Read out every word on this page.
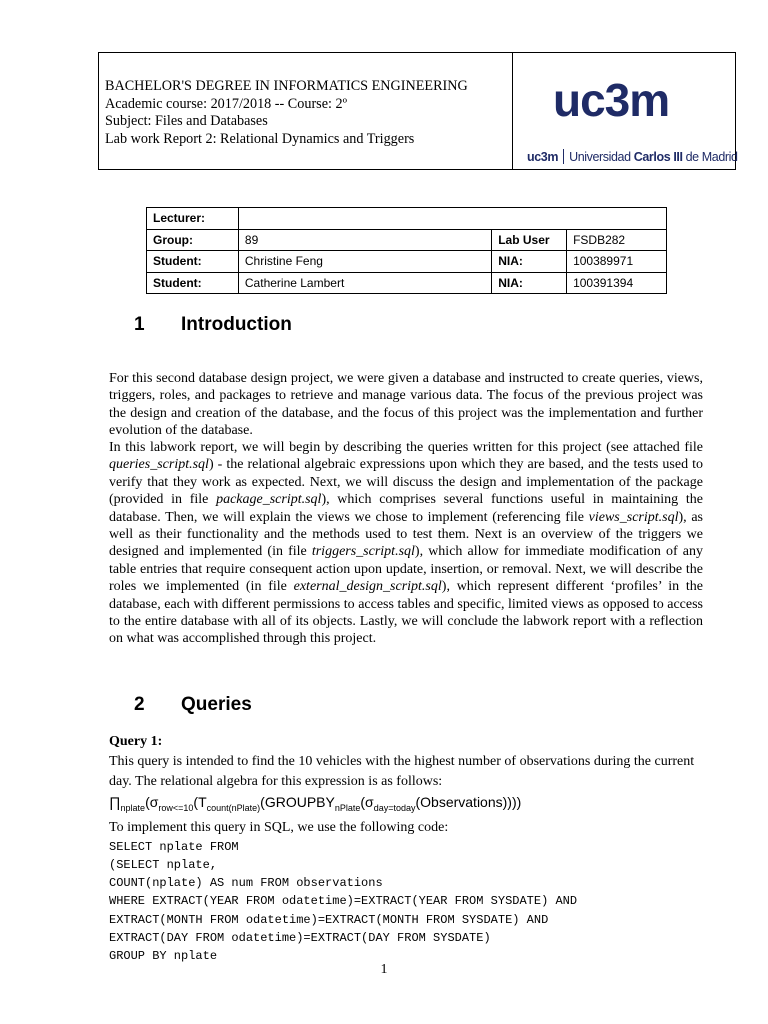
BACHELOR'S DEGREE IN INFORMATICS ENGINEERING
Academic course: 2017/2018 -- Course: 2º
Subject: Files and Databases
Lab work Report 2: Relational Dynamics and Triggers
uc3m
uc3m Universidad Carlos III de Madrid
Lecturer:			
Group:	89	Lab User	FSDB282
Student:	Christine Feng	NIA:	100389971
Student:	Catherine Lambert	NIA:	100391394
1 Introduction
For this second database design project, we were given a database and instructed to create queries, views, triggers, roles, and packages to retrieve and manage various data. The focus of the previous project was the design and creation of the database, and the focus of this project was the implementation and further evolution of the database.
In this labwork report, we will begin by describing the queries written for this project (see attached file queries_script.sql) - the relational algebraic expressions upon which they are based, and the tests used to verify that they work as expected. Next, we will discuss the design and implementation of the package (provided in file package_script.sql), which comprises several functions useful in maintaining the database. Then, we will explain the views we chose to implement (referencing file views_script.sql), as well as their functionality and the methods used to test them. Next is an overview of the triggers we designed and implemented (in file triggers_script.sql), which allow for immediate modification of any table entries that require consequent action upon update, insertion, or removal. Next, we will describe the roles we implemented (in file external_design_script.sql), which represent different ‘profiles’ in the database, each with different permissions to access tables and specific, limited views as opposed to access to the entire database with all of its objects. Lastly, we will conclude the labwork report with a reflection on what was accomplished through this project.
2 Queries
Query 1:
This query is intended to find the 10 vehicles with the highest number of observations during the current day. The relational algebra for this expression is as follows:
$\prod_{nplate}(\sigma_{row<=10}(T_{count(nPlate)}(GROUPBY_{nPlate}(\sigma_{day=today}(Observations))))$
To implement this query in SQL, we use the following code:
SELECT nplate FROM
(SELECT nplate,
COUNT(nplate) AS num FROM observations
WHERE EXTRACT(YEAR FROM odatetime)=EXTRACT(YEAR FROM SYSDATE) AND
EXTRACT(MONTH FROM odatetime)=EXTRACT(MONTH FROM SYSDATE) AND
EXTRACT(DAY FROM odatetime)=EXTRACT(DAY FROM SYSDATE)
GROUP BY nplate
1
